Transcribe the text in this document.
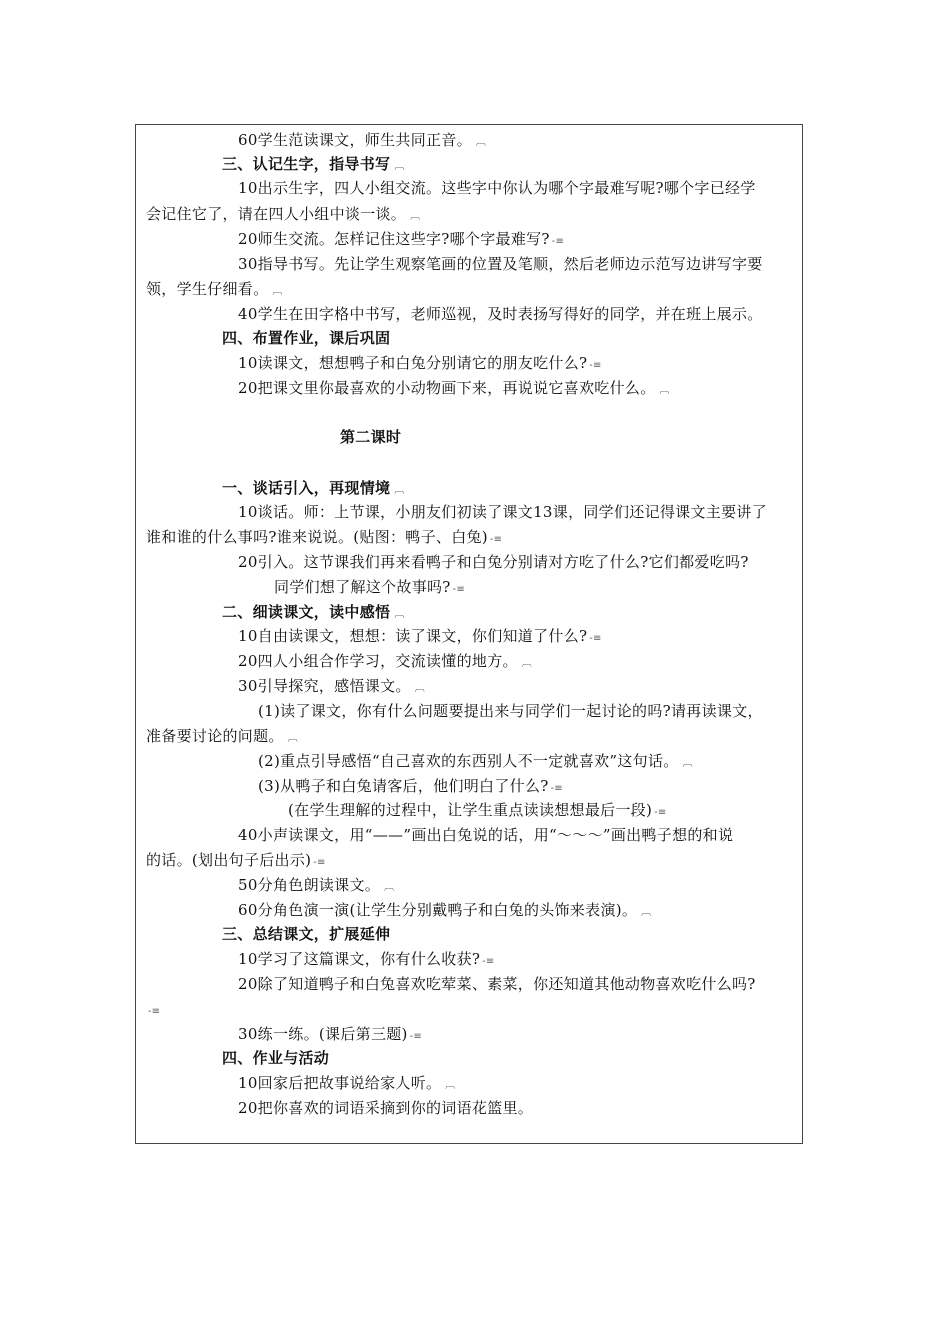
60学生范读课文，师生共同正音。 ︹
三、认记生字，指导书写 ︹
10出示生字，四人小组交流。这些字中你认为哪个字最难写呢?哪个字已经学
会记住它了，请在四人小组中谈一谈。 ︹
20师生交流。怎样记住这些字?哪个字最难写? -≡
30指导书写。先让学生观察笔画的位置及笔顺，然后老师边示范写边讲写字要
领，学生仔细看。 ︹
40学生在田字格中书写，老师巡视，及时表扬写得好的同学，并在班上展示。
四、布置作业，课后巩固
10读课文，想想鸭子和白兔分别请它的朋友吃什么? -≡
20把课文里你最喜欢的小动物画下来，再说说它喜欢吃什么。 ︹
第二课时
一、谈话引入，再现情境 ︹
10谈话。师：上节课，小朋友们初读了课文13课，同学们还记得课文主要讲了
谁和谁的什么事吗?谁来说说。(贴图：鸭子、白兔) -≡
20引入。这节课我们再来看鸭子和白兔分别请对方吃了什么?它们都爱吃吗?
同学们想了解这个故事吗? -≡
二、细读课文，读中感悟 ︹
10自由读课文，想想：读了课文，你们知道了什么? -≡
20四人小组合作学习，交流读懂的地方。 ︹
30引导探究，感悟课文。 ︹
(1)读了课文，你有什么问题要提出来与同学们一起讨论的吗?请再读课文，
准备要讨论的问题。 ︹
(2)重点引导感悟“自己喜欢的东西别人不一定就喜欢”这句话。 ︹
(3)从鸭子和白兔请客后，他们明白了什么? -≡
(在学生理解的过程中，让学生重点读读想想最后一段) -≡
40小声读课文，用“——”画出白兔说的话，用“～～～”画出鸭子想的和说
的话。(划出句子后出示) -≡
50分角色朗读课文。 ︹
60分角色演一演(让学生分别戴鸭子和白兔的头饰来表演)。 ︹
三、总结课文，扩展延伸
10学习了这篇课文，你有什么收获? -≡
20除了知道鸭子和白兔喜欢吃荤菜、素菜，你还知道其他动物喜欢吃什么吗?
-≡
30练一练。(课后第三题) -≡
四、作业与活动
10回家后把故事说给家人听。 ︹
20把你喜欢的词语采摘到你的词语花篮里。
